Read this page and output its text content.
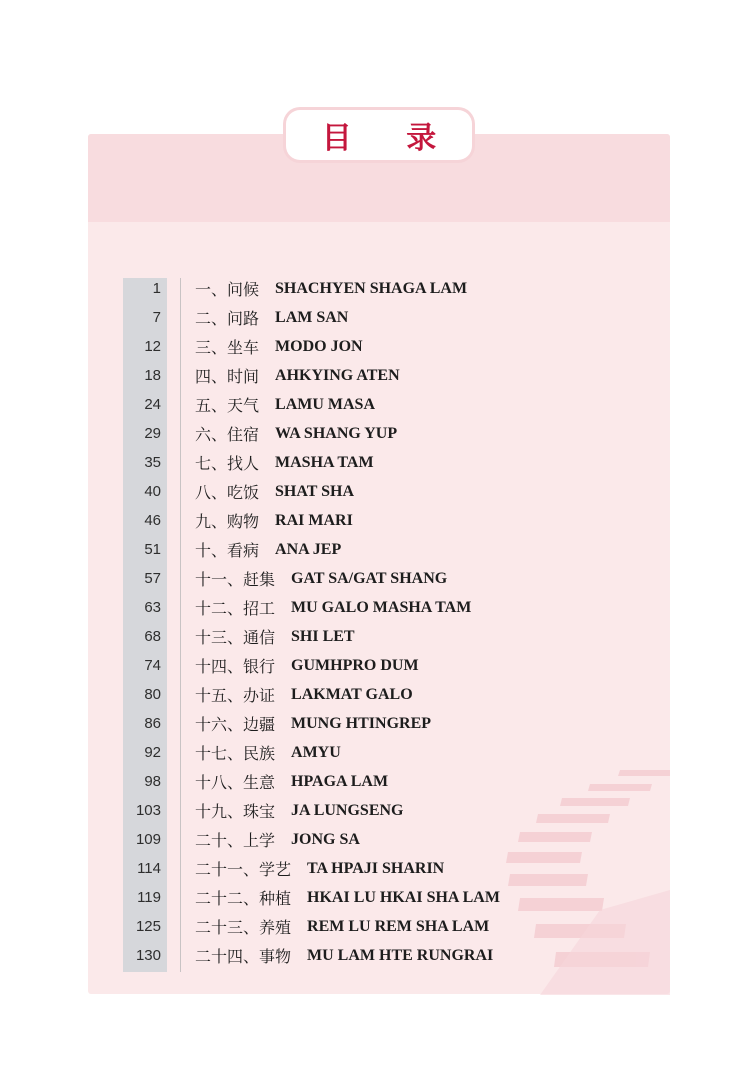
目 录
1 一、问候 SHACHYEN SHAGA LAM
7 二、问路 LAM SAN
12 三、坐车 MODO JON
18 四、时间 AHKYING ATEN
24 五、天气 LAMU MASA
29 六、住宿 WA SHANG YUP
35 七、找人 MASHA TAM
40 八、吃饭 SHAT SHA
46 九、购物 RAI MARI
51 十、看病 ANA JEP
57 十一、赶集 GAT SA/GAT SHANG
63 十二、招工 MU GALO MASHA TAM
68 十三、通信 SHI LET
74 十四、银行 GUMHPRO DUM
80 十五、办证 LAKMAT GALO
86 十六、边疆 MUNG HTINGREP
92 十七、民族 AMYU
98 十八、生意 HPAGA LAM
103 十九、珠宝 JA LUNGSENG
109 二十、上学 JONG SA
114 二十一、学艺 TA HPAJI SHARIN
119 二十二、种植 HKAI LU HKAI SHA LAM
125 二十三、养殖 REM LU REM SHA LAM
130 二十四、事物 MU LAM HTE RUNGRAI
